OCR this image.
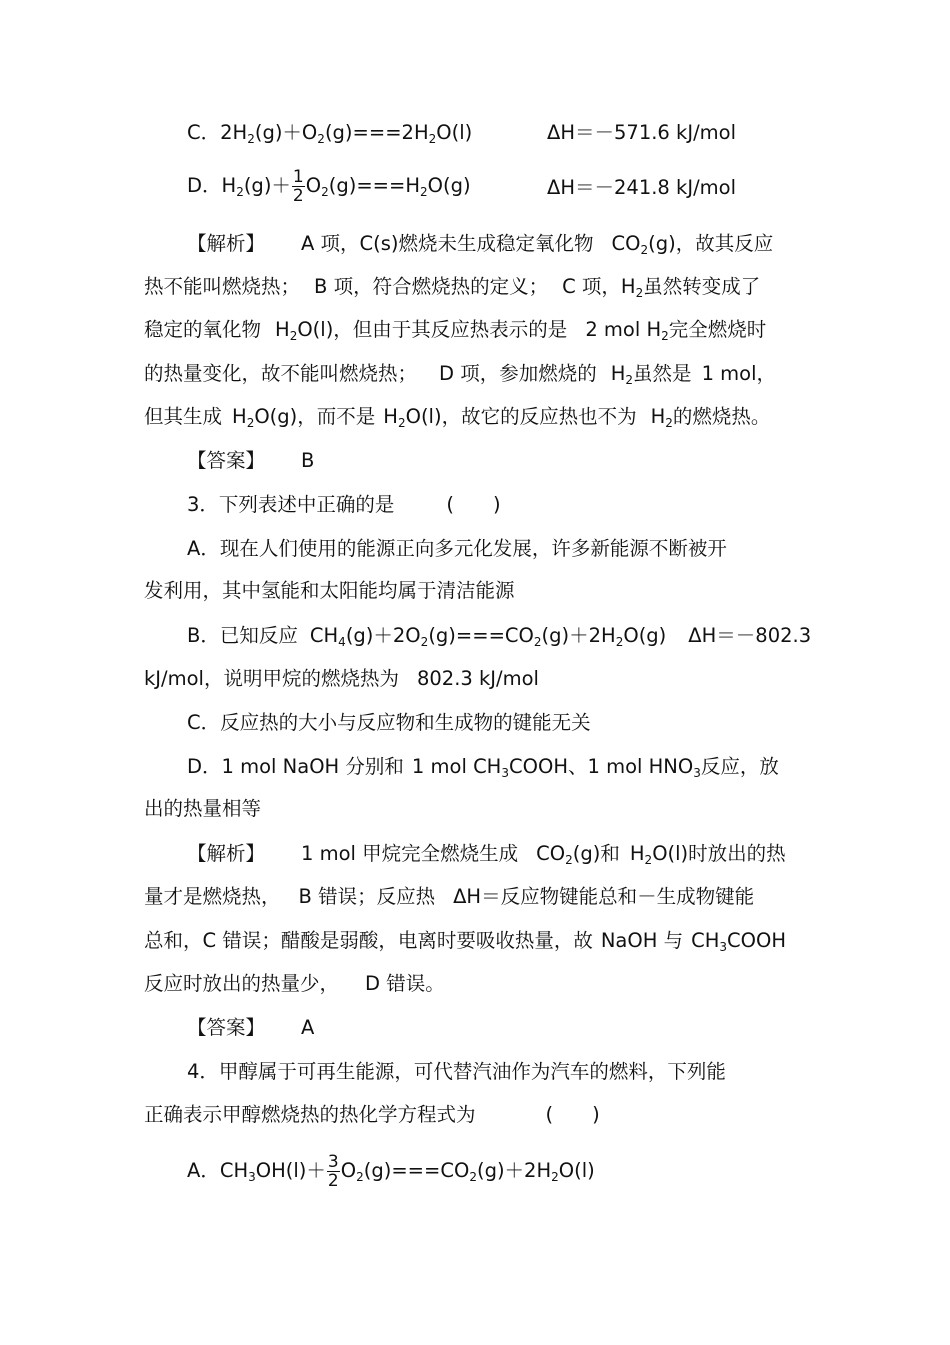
C．$2H_2(g)+O_2(g)===2H_2O(l)$	ΔH＝－571.6 kJ/mol
D．$H_2(g)+ \frac{1}{2} O_2(g)===H_2O(g)$	ΔH＝－241.8 kJ/mol
【解析】 A 项，C(s)燃烧未生成稳定氧化物 $CO_2(g)$，故其反应
热不能叫燃烧热； B 项，符合燃烧热的定义； C 项，$H_2$虽然转变成了
稳定的氧化物 $H_2O(l)$，但由于其反应热表示的是 2 mol $H_2$完全燃烧时
的热量变化，故不能叫燃烧热； D 项，参加燃烧的 $H_2$虽然是 1 mol，
但其生成 $H_2O(g)$，而不是 $H_2O(l)$，故它的反应热也不为 $H_2$的燃烧热。
【答案】 B
3．下列表述中正确的是	(　　)
A．现在人们使用的能源正向多元化发展，许多新能源不断被开
发利用，其中氢能和太阳能均属于清洁能源
B．已知反应 $CH_4(g)+2O_2(g)===CO_2(g)+2H_2O(g)$ ΔH＝－802.3
kJ/mol，说明甲烷的燃烧热为 802.3 kJ/mol
C．反应热的大小与反应物和生成物的键能无关
D．1 mol NaOH 分别和 1 mol $CH_3COOH$、1 mol $HNO_3$反应，放
出的热量相等
【解析】 1 mol 甲烷完全燃烧生成 $CO_2(g)$和 $H_2O(l)$时放出的热
量才是燃烧热， B 错误；反应热 ΔH＝反应物键能总和－生成物键能
总和，C 错误；醋酸是弱酸，电离时要吸收热量，故 NaOH 与 $CH_3COOH$
反应时放出的热量少， D 错误。
【答案】 A
4．甲醇属于可再生能源，可代替汽油作为汽车的燃料，下列能
正确表示甲醇燃烧热的热化学方程式为	(　　)
A．$CH_3OH(l)+ \frac{3}{2} O_2(g)===CO_2(g)+2H_2O(l)$
